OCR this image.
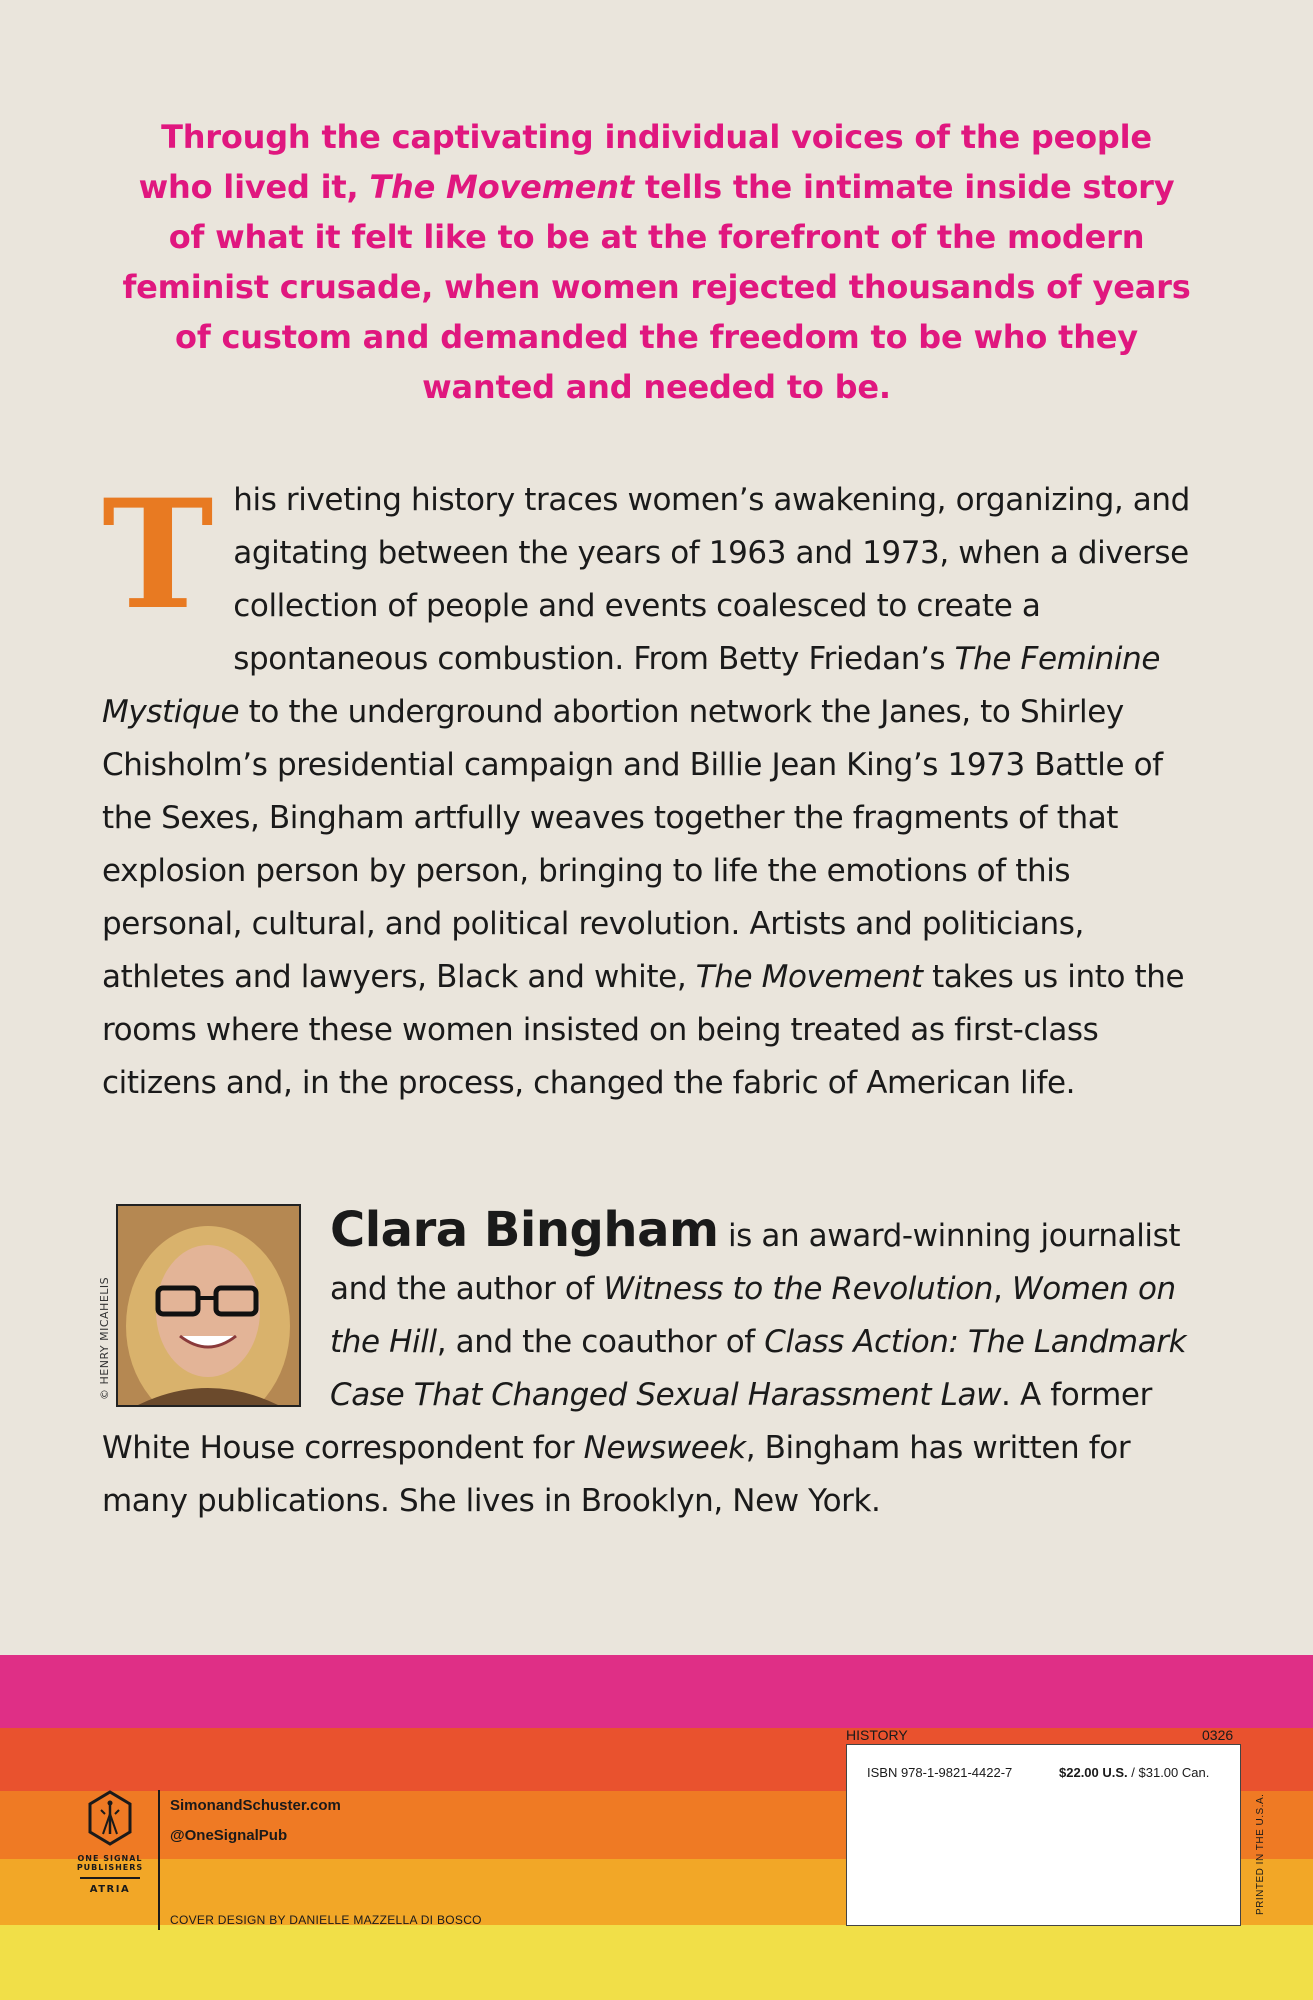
Through the captivating individual voices of the people who lived it, The Movement tells the intimate inside story of what it felt like to be at the forefront of the modern feminist crusade, when women rejected thousands of years of custom and demanded the freedom to be who they wanted and needed to be.
This riveting history traces women’s awakening, organizing, and agitating between the years of 1963 and 1973, when a diverse collection of people and events coalesced to create a spontaneous combustion. From Betty Friedan’s The Feminine Mystique to the underground abortion network the Janes, to Shirley Chisholm’s presidential campaign and Billie Jean King’s 1973 Battle of the Sexes, Bingham artfully weaves together the fragments of that explosion person by person, bringing to life the emotions of this personal, cultural, and political revolution. Artists and politicians, athletes and lawyers, Black and white, The Movement takes us into the rooms where these women insisted on being treated as first-class citizens and, in the process, changed the fabric of American life.
© HENRY MICAHELIS
Clara Bingham is an award-winning journalist and the author of Witness to the Revolution, Women on the Hill, and the coauthor of Class Action: The Landmark Case That Changed Sexual Harassment Law. A former White House correspondent for Newsweek, Bingham has written for many publications. She lives in Brooklyn, New York.
ONE SIGNAL
PUBLISHERS
ATRIA
SimonandSchuster.com
@OneSignalPub
COVER DESIGN BY DANIELLE MAZZELLA DI BOSCO
HISTORY	0326
ISBN 978-1-9821-4422-7	$22.00 U.S. / $31.00 Can.
PRINTED IN THE U.S.A.
